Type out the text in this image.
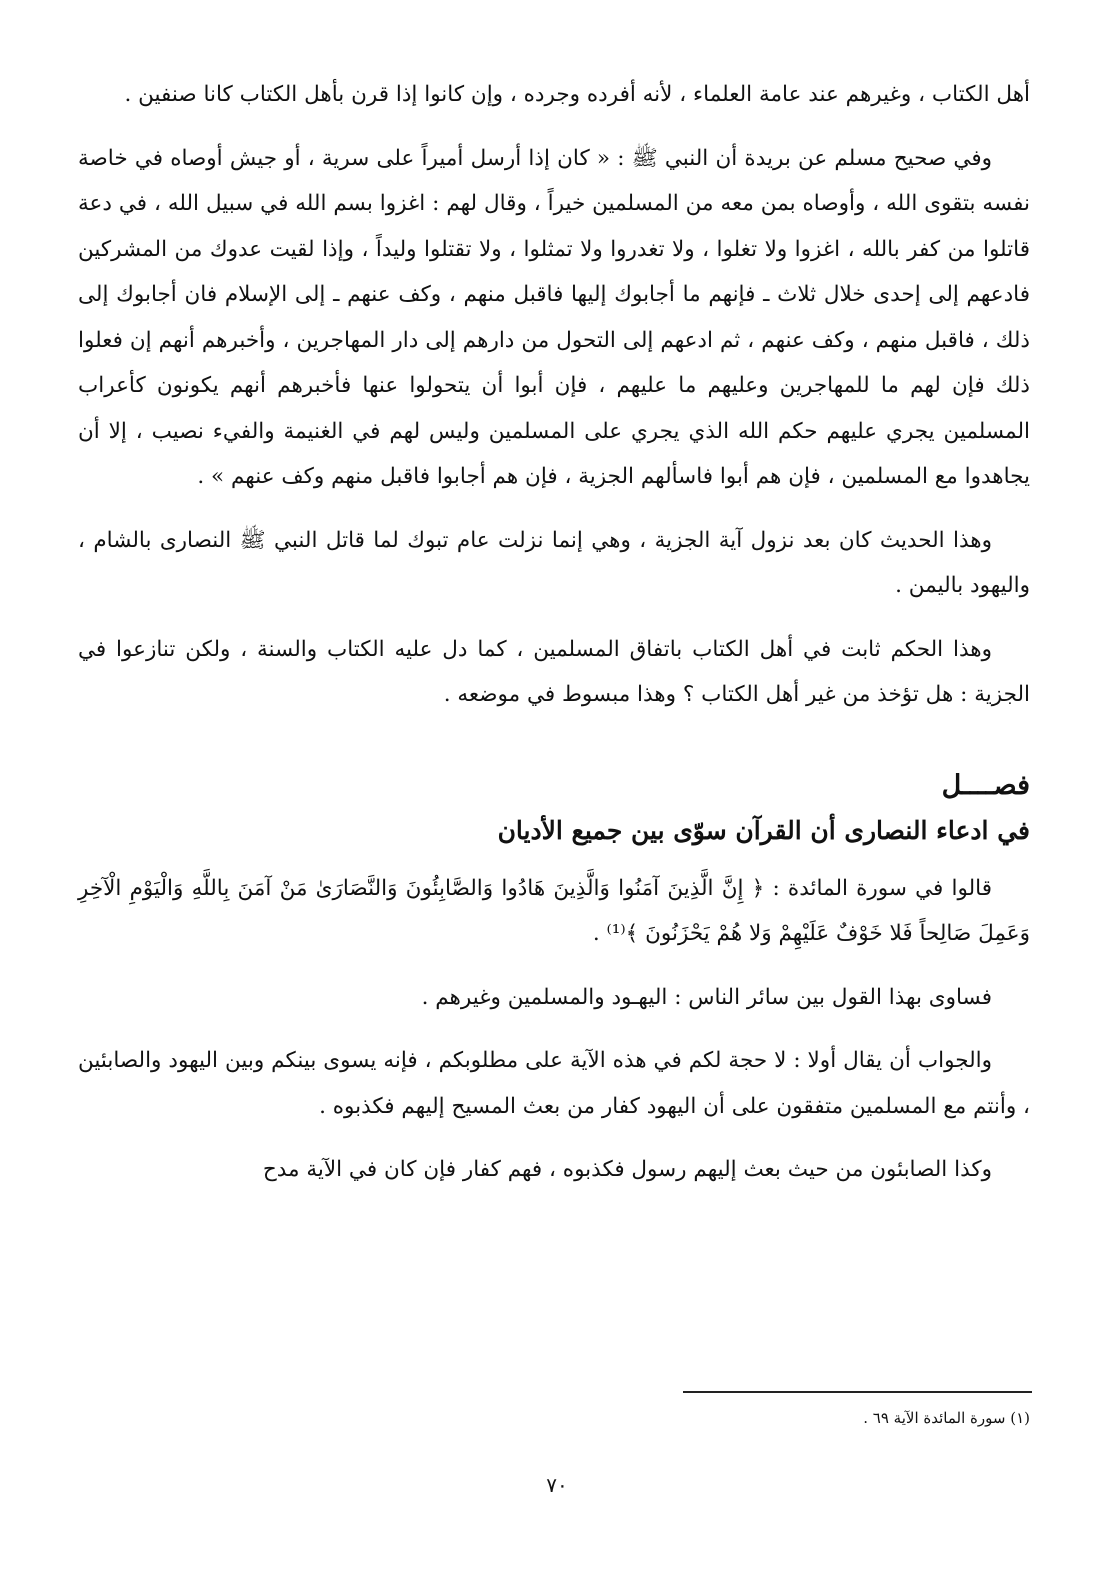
أهل الكتاب ، وغيرهم عند عامة العلماء ، لأنه أفرده وجرده ، وإن كانوا إذا قرن بأهل الكتاب كانا صنفين .

وفي صحيح مسلم عن بريدة أن النبي ﷺ : « كان إذا أرسل أميراً على سرية ، أو جيش أوصاه في خاصة نفسه بتقوى الله ، وأوصاه بمن معه من المسلمين خيراً ، وقال لهم : اغزوا بسم الله في سبيل الله ، في دعة قاتلوا من كفر بالله ، اغزوا ولا تغلوا ، ولا تغدروا ولا تمثلوا ، ولا تقتلوا وليداً ، وإذا لقيت عدوك من المشركين فادعهم إلى إحدى خلال ثلاث ـ فإنهم ما أجابوك إليها فاقبل منهم ، وكف عنهم ـ إلى الإسلام فان أجابوك إلى ذلك ، فاقبل منهم ، وكف عنهم ، ثم ادعهم إلى التحول من دارهم إلى دار المهاجرين ، وأخبرهم أنهم إن فعلوا ذلك فإن لهم ما للمهاجرين وعليهم ما عليهم ، فإن أبوا أن يتحولوا عنها فأخبرهم أنهم يكونون كأعراب المسلمين يجري عليهم حكم الله الذي يجري على المسلمين وليس لهم في الغنيمة والفيء نصيب ، إلا أن يجاهدوا مع المسلمين ، فإن هم أبوا فاسألهم الجزية ، فإن هم أجابوا فاقبل منهم وكف عنهم » .

وهذا الحديث كان بعد نزول آية الجزية ، وهي إنما نزلت عام تبوك لما قاتل النبي ﷺ النصارى بالشام ، واليهود باليمن .

وهذا الحكم ثابت في أهل الكتاب باتفاق المسلمين ، كما دل عليه الكتاب والسنة ، ولكن تنازعوا في الجزية : هل تؤخذ من غير أهل الكتاب ؟ وهذا مبسوط في موضعه .

فصــــل
في ادعاء النصارى أن القرآن سوّى بين جميع الأديان

قالوا في سورة المائدة : ﴿ إِنَّ الَّذِينَ آمَنُوا وَالَّذِينَ هَادُوا وَالصَّابِئُونَ وَالنَّصَارَىٰ مَنْ آمَنَ بِاللَّهِ وَالْيَوْمِ الْآخِرِ وَعَمِلَ صَالِحاً فَلا خَوْفٌ عَلَيْهِمْ وَلا هُمْ يَحْزَنُونَ ﴾⁽¹⁾ .

فساوى بهذا القول بين سائر الناس : اليهـود والمسلمين وغيرهم .

والجواب أن يقال أولا : لا حجة لكم في هذه الآية على مطلوبكم ، فإنه يسوى بينكم وبين اليهود والصابئين ، وأنتم مع المسلمين متفقون على أن اليهود كفار من بعث المسيح إليهم فكذبوه .

وكذا الصابئون من حيث بعث إليهم رسول فكذبوه ، فهم كفار فإن كان في الآية مدح

(١) سورة المائدة الآية ٦٩ .
٧٠
